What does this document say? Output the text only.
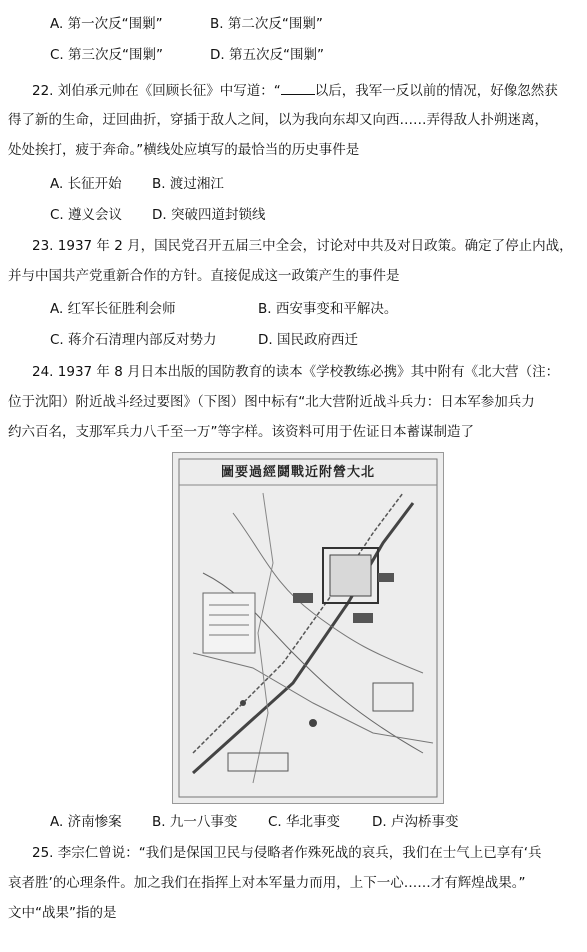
A. 第一次反“围剿”	B. 第二次反“围剿”
C. 第三次反“围剿”	D. 第五次反“围剿”
22. 刘伯承元帅在《回顾长征》中写道：“	以后，我军一反以前的情况，好像忽然获
得了新的生命，迂回曲折，穿插于敌人之间，以为我向东却又向西……弄得敌人扑朔迷离，
处处挨打，疲于奔命。”横线处应填写的最恰当的历史事件是
A. 长征开始 B. 渡过湘江
C. 遵义会议 D. 突破四道封锁线
23. 1937 年 2 月，国民党召开五届三中全会，讨论对中共及对日政策。确定了停止内战，
并与中国共产党重新合作的方针。直接促成这一政策产生的事件是
A. 红军长征胜利会师	B. 西安事变和平解决。
C. 蒋介石清理内部反对势力	D. 国民政府西迁
24. 1937 年 8 月日本出版的国防教育的读本《学校教练必携》其中附有《北大营（注：
位于沈阳）附近战斗经过要图》（下图）图中标有“北大营附近战斗兵力：日本军参加兵力
约六百名，支那军兵力八千至一万”等字样。该资料可用于佐证日本蓄谋制造了
圖要過經鬪戰近附營大北
A. 济南惨案 B. 九一八事变 C. 华北事变 D. 卢沟桥事变
25. 李宗仁曾说：“我们是保国卫民与侵略者作殊死战的哀兵，我们在士气上已享有‘兵
哀者胜’的心理条件。加之我们在指挥上对本军量力而用，上下一心……才有辉煌战果。”
文中“战果”指的是
